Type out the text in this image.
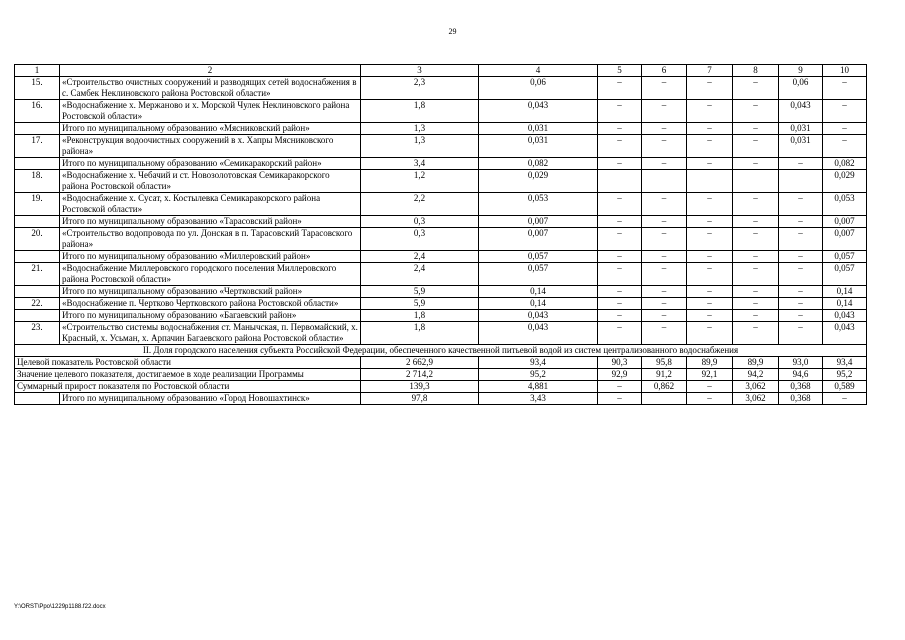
29
1	2	3	4	5	6	7	8	9	10
15.	«Строительство очистных сооружений и разводящих сетей водоснабжения в с. Самбек Неклиновского района Ростовской области»	2,3	0,06	–	–	–	–	0,06	–
16.	«Водоснабжение х. Мержаново и х. Морской Чулек Неклиновского района Ростовской области»	1,8	0,043	–	–	–	–	0,043	–
	Итого по муниципальному образованию «Мясниковский район»	1,3	0,031	–	–	–	–	0,031	–
17.	«Реконструкция водоочистных сооружений в х. Хапры Мясниковского района»	1,3	0,031	–	–	–	–	0,031	–
	Итого по муниципальному образованию «Семикаракорский район»	3,4	0,082	–	–	–	–	–	0,082
18.	«Водоснабжение х. Чебачий и ст. Новозолотовская Семикаракорского района Ростовской области»	1,2	0,029						0,029
19.	«Водоснабжение х. Сусат, х. Костылевка Семикаракорского района Ростовской области»	2,2	0,053	–	–	–	–	–	0,053
	Итого по муниципальному образованию «Тарасовский район»	0,3	0,007	–	–	–	–	–	0,007
20.	«Строительство водопровода по ул. Донская в п. Тарасовский Тарасовского района»	0,3	0,007	–	–	–	–	–	0,007
	Итого по муниципальному образованию «Миллеровский район»	2,4	0,057	–	–	–	–	–	0,057
21.	«Водоснабжение Миллеровского городского поселения Миллеровского района Ростовской области»	2,4	0,057	–	–	–	–	–	0,057
	Итого по муниципальному образованию «Чертковский район»	5,9	0,14	–	–	–	–	–	0,14
22.	«Водоснабжение п. Чертково Чертковского района Ростовской области»	5,9	0,14	–	–	–	–	–	0,14
	Итого по муниципальному образованию «Багаевский район»	1,8	0,043	–	–	–	–	–	0,043
23.	«Строительство системы водоснабжения ст. Манычская, п. Первомайский, х. Красный, х. Усьман, х. Арпачин Багаевского района Ростовской области»	1,8	0,043	–	–	–	–	–	0,043
II. Доля городского населения субъекта Российской Федерации, обеспеченного качественной питьевой водой из систем централизованного водоснабжения									
Целевой показатель Ростовской области		2 662,9	93,4	90,3	95,8	89,9	89,9	93,0	93,4
Значение целевого показателя, достигаемое в ходе реализации Программы		2 714,2	95,2	92,9	91,2	92,1	94,2	94,6	95,2
Суммарный прирост показателя по Ростовской области		139,3	4,881	–	0,862	–	3,062	0,368	0,589
	Итого по муниципальному образованию «Город Новошахтинск»	97,8	3,43	–		–	3,062	0,368	–
Y:\ORST\Ppo\1229p1188.f22.docx
